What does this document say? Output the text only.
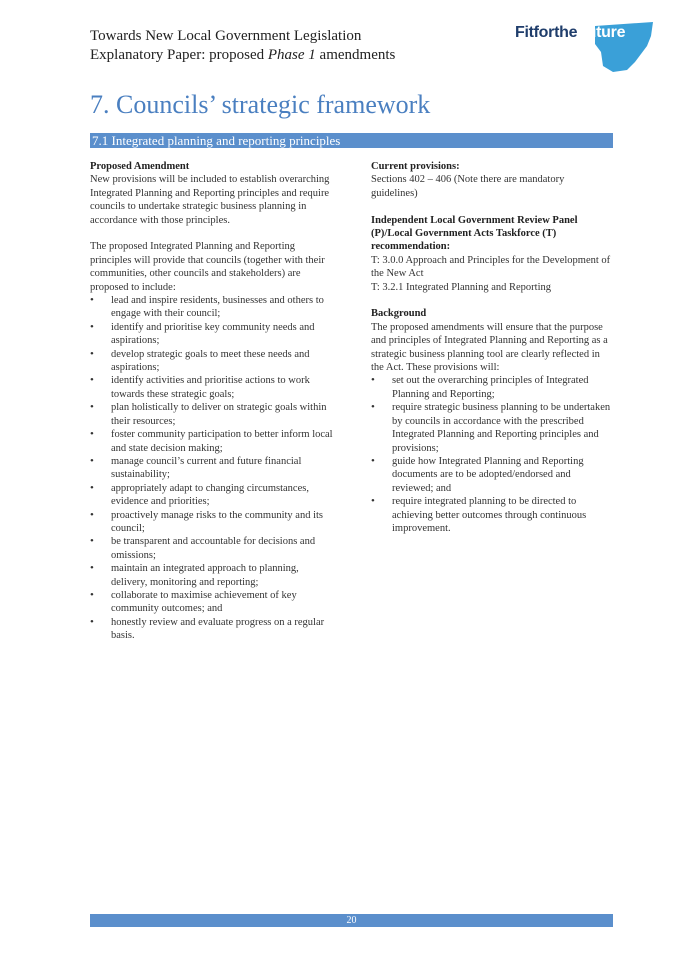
Towards New Local Government Legislation
Explanatory Paper: proposed Phase 1 amendments
FitfortheFuture
7. Councils’ strategic framework
7.1 Integrated planning and reporting principles

Proposed Amendment

New provisions will be included to establish overarching Integrated Planning and Reporting principles and require councils to undertake strategic business planning in accordance with those principles.

The proposed Integrated Planning and Reporting principles will provide that councils (together with their communities, other councils and stakeholders) are proposed to include:

• lead and inspire residents, businesses and others to engage with their council;
• identify and prioritise key community needs and aspirations;
• develop strategic goals to meet these needs and aspirations;
• identify activities and prioritise actions to work towards these strategic goals;
• plan holistically to deliver on strategic goals within their resources;
• foster community participation to better inform local and state decision making;
• manage council’s current and future financial sustainability;
• appropriately adapt to changing circumstances, evidence and priorities;
• proactively manage risks to the community and its council;
• be transparent and accountable for decisions and omissions;
• maintain an integrated approach to planning, delivery, monitoring and reporting;
• collaborate to maximise achievement of key community outcomes; and
• honestly review and evaluate progress on a regular basis.

Current provisions:

Sections 402 – 406 (Note there are mandatory guidelines)

Independent Local Government Review Panel (P)/Local Government Acts Taskforce (T) recommendation:

T: 3.0.0 Approach and Principles for the Development of the New Act

T: 3.2.1 Integrated Planning and Reporting

Background

The proposed amendments will ensure that the purpose and principles of Integrated Planning and Reporting as a strategic business planning tool are clearly reflected in the Act. These provisions will:

• set out the overarching principles of Integrated Planning and Reporting;
• require strategic business planning to be undertaken by councils in accordance with the prescribed Integrated Planning and Reporting principles and provisions;
• guide how Integrated Planning and Reporting documents are to be adopted/endorsed and reviewed; and
• require integrated planning to be directed to achieving better outcomes through continuous improvement.
20
